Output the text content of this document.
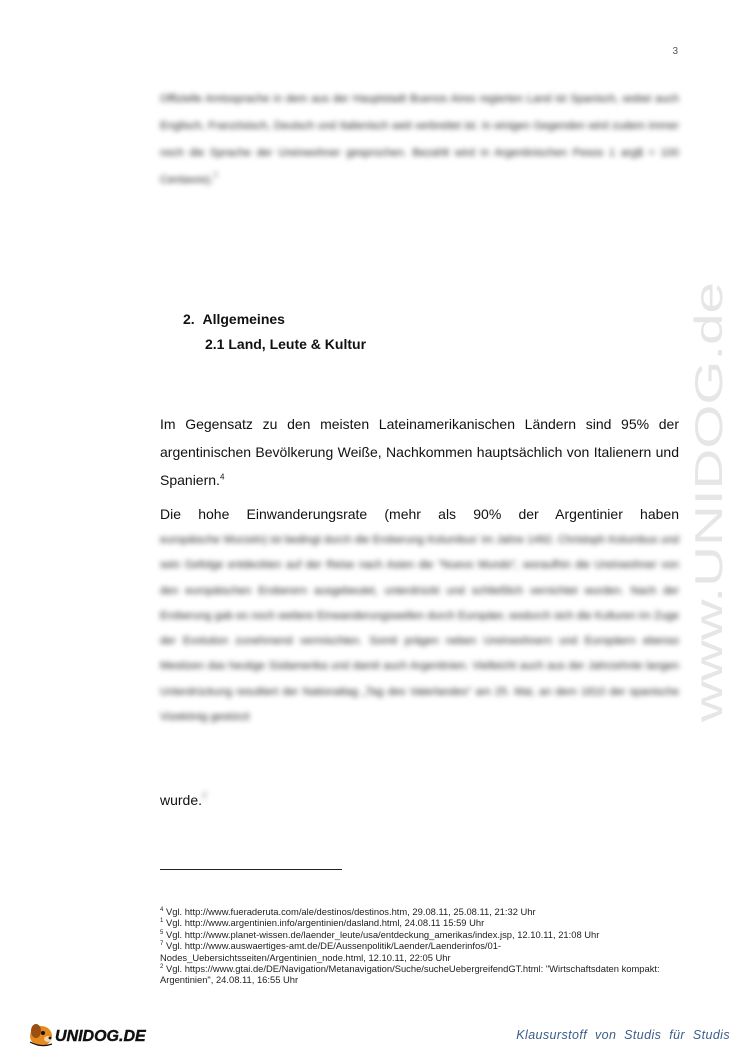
3
Offizielle Amtssprache in dem aus der Hauptstadt Buenos Aires regierten Land ist Spanisch, wobei auch Englisch, Französisch, Deutsch und Italienisch weit verbreitet ist. In einigen Gegenden wird zudem immer noch die Sprache der Ureinwohner gesprochen. Bezahlt wird in Argentinischen Pesos 1 arg$ = 100 Centavos).$^7$
2. Allgemeines
2.1 Land, Leute & Kultur
Im Gegensatz zu den meisten Lateinamerikanischen Ländern sind 95% der argentinischen Bevölkerung Weiße, Nachkommen hauptsächlich von Italienern und Spaniern.$^4$
Die hohe Einwanderungsrate (mehr als 90% der Argentinier haben
europäische Wurzeln) ist bedingt durch die Eroberung Kolumbus' im Jahre 1492. Christoph Kolumbus und sein Gefolge entdeckten auf der Reise nach Asien die "Nuevo Mundo", woraufhin die Ureinwohner von den europäischen Eroberern ausgebeutet, unterdrückt und schließlich vernichtet wurden. Nach der Eroberung gab es noch weitere Einwanderungswellen durch Europäer, wodurch sich die Kulturen im Zuge der Evolution zunehmend vermischten. Somit prägen neben Ureinwohnern und Europäern ebenso Mestizen das heutige Südamerika und damit auch Argentinien. Vielleicht auch aus der Jahrzehnte langen Unterdrückung resultiert der Nationaltag „Tag des Vaterlandes" am 25. Mai, an dem 1810 der spanische Vizekönig gestürzt
wurde.$^7$
$^4$ Vgl. http://www.fueraderuta.com/ale/destinos/destinos.htm, 29.08.11, 25.08.11, 21:32 Uhr
$^1$ Vgl. http://www.argentinien.info/argentinien/dasland.html, 24.08.11 15:59 Uhr
$^5$ Vgl. http://www.planet-wissen.de/laender_leute/usa/entdeckung_amerikas/index.jsp, 12.10.11, 21:08 Uhr
$^7$ Vgl. http://www.auswaertiges-amt.de/DE/Aussenpolitik/Laender/Laenderinfos/01-Nodes_Uebersichtsseiten/Argentinien_node.html, 12.10.11, 22:05 Uhr
$^2$ Vgl. https://www.gtai.de/DE/Navigation/Metanavigation/Suche/sucheUebergreifendGT.html: "Wirtschaftsdaten kompakt: Argentinien", 24.08.11, 16:55 Uhr
www.UNIDOG.de
UNIDOG.DE	Klausurstoff von Studis für Studis
